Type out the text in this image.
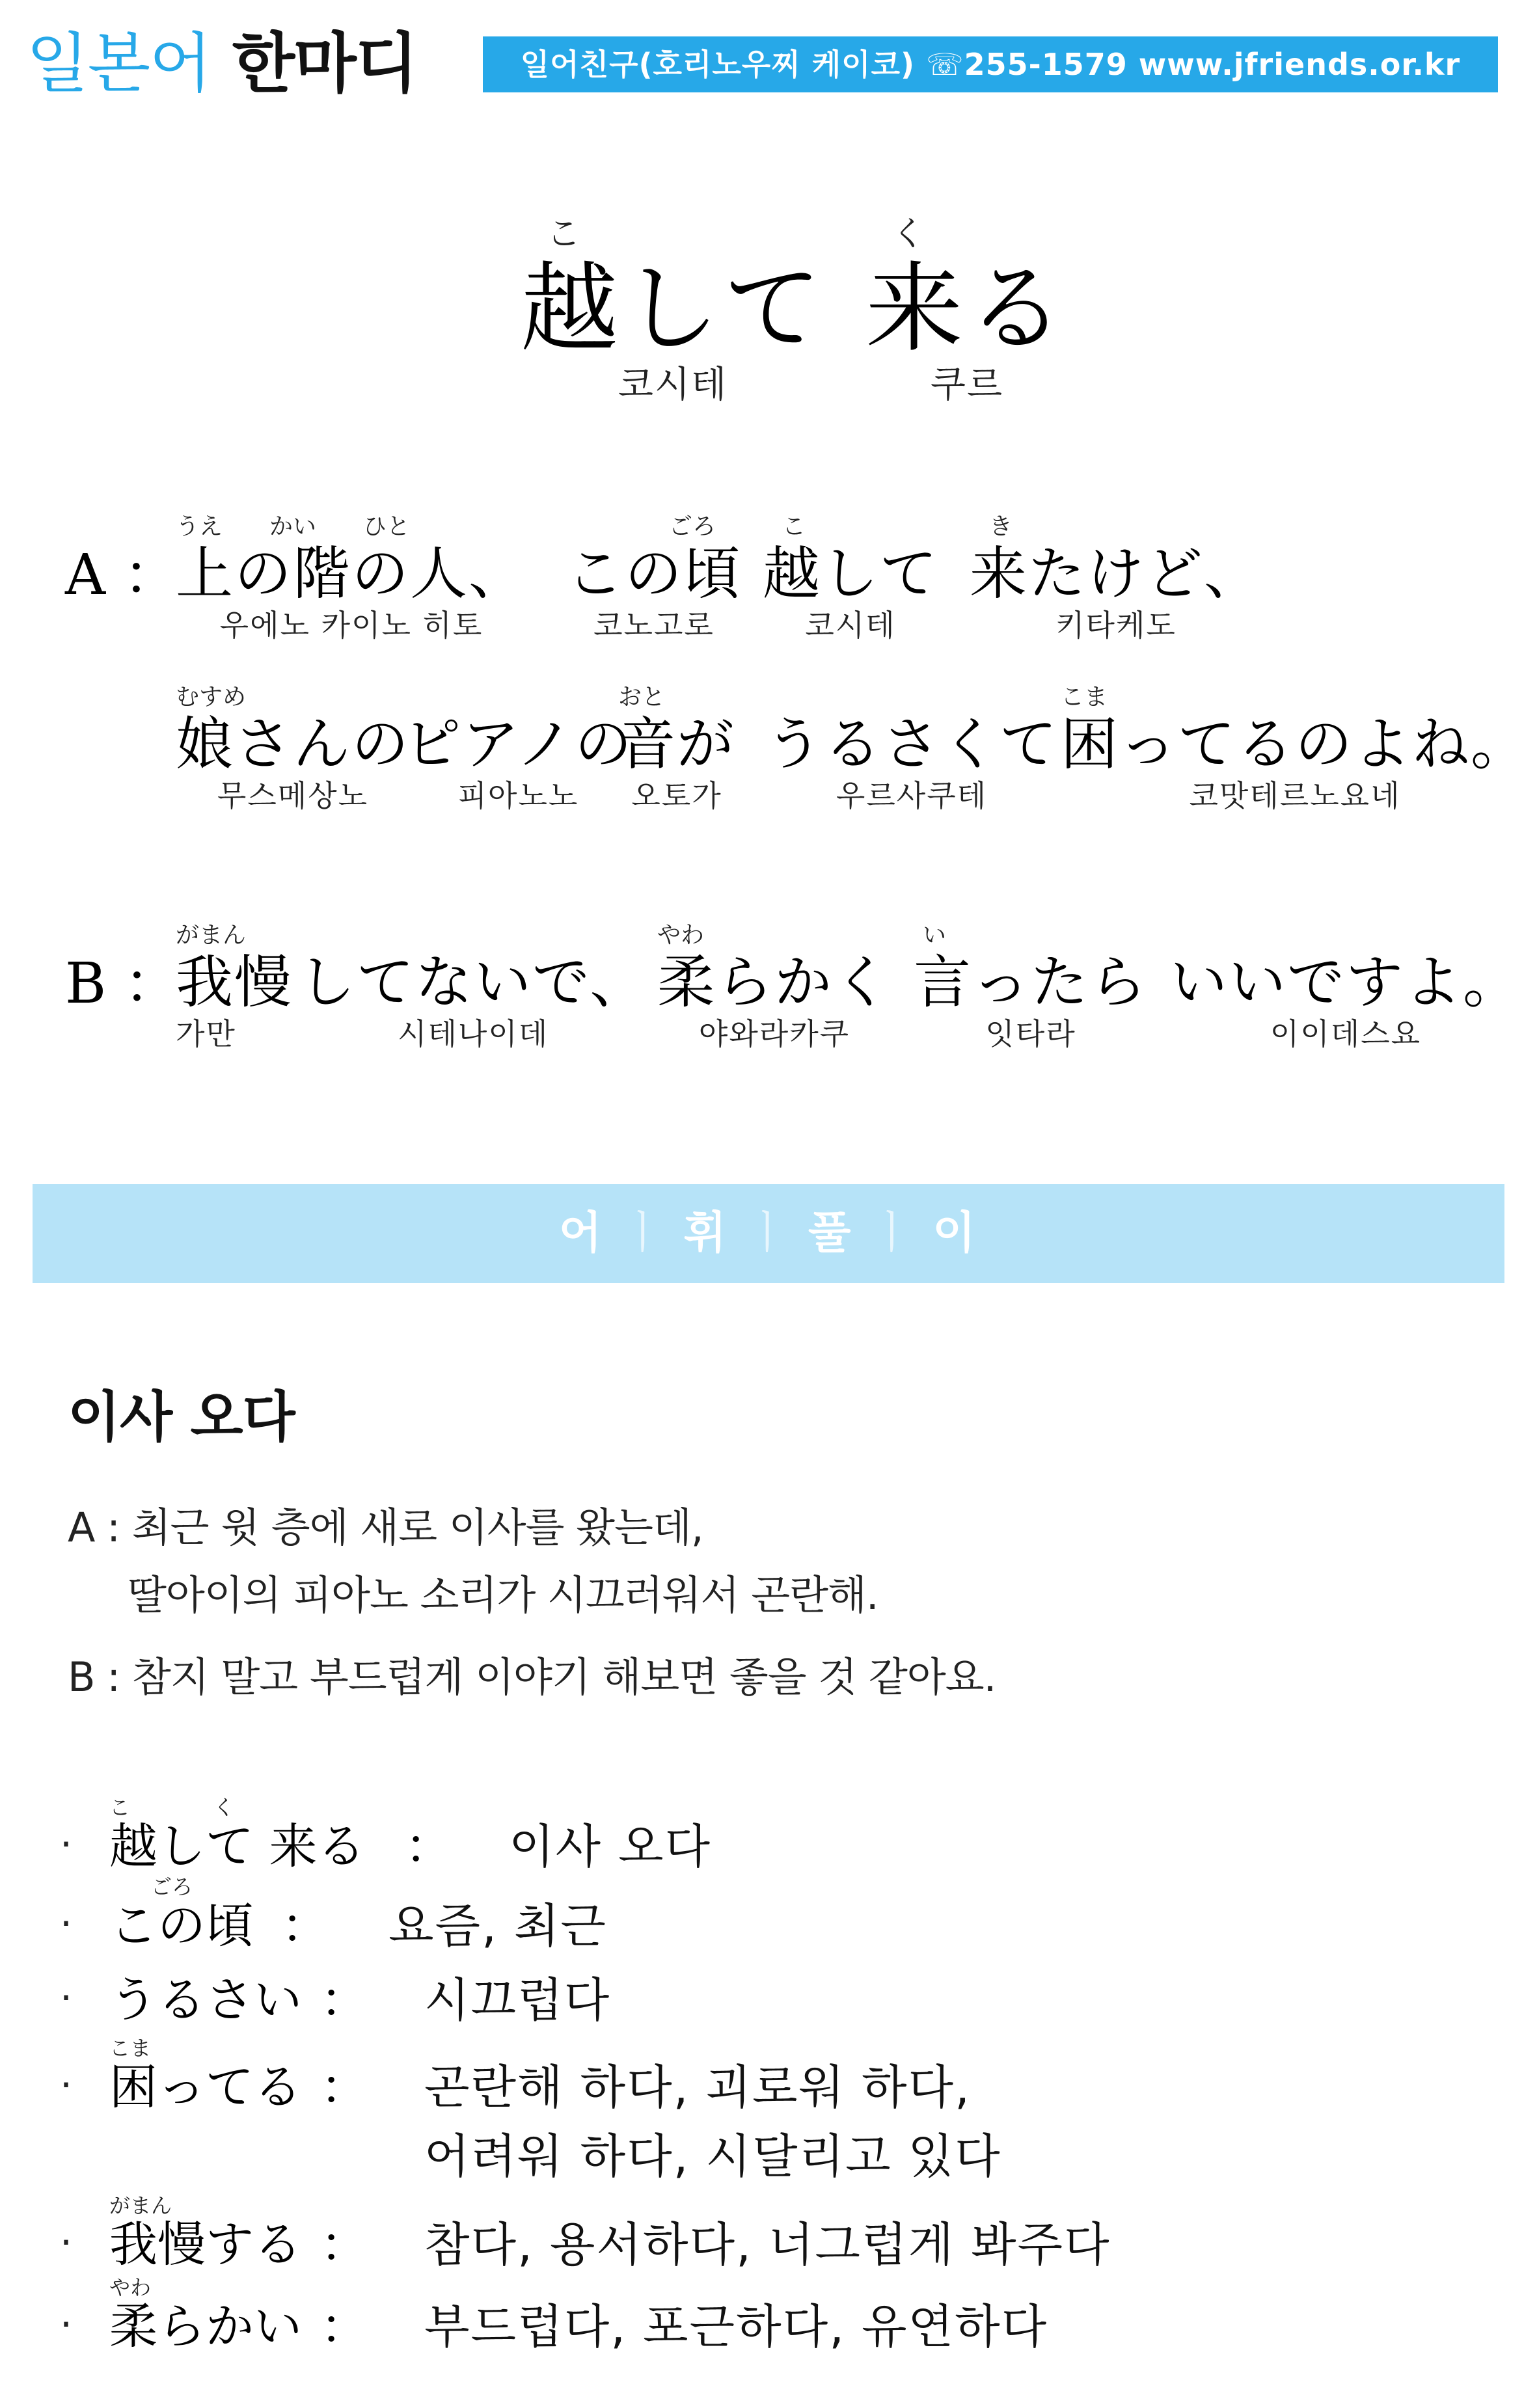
일본어 한마디	일어친구(호리노우찌 케이코) ☏255-1579 www.jfriends.or.kr
こ
越して
코시테
く
来る
쿠르
A ：
うえ　　かい　　ひと
上の階の人、
우에노 카이노 히토
ごろ
この頃
코노고로
こ
越して
코시테
き
来たけど、
키타케도
むすめ
娘さんの
무스메상노
ピアノの
피아노노
おと
音が
오토가
うるさくて
우르사쿠테
こま
困ってるのよね。
코맛테르노요네
B ：
がまん
我慢
가만
してないで、
시테나이데
やわ
柔らかく
야와라카쿠
い
言ったら
잇타라
いいですよ。
이이데스요
어 ㅣ 휘 ㅣ 풀 ㅣ 이
이사 오다
A : 최근 윗 층에 새로 이사를 왔는데,
딸아이의 피아노 소리가 시끄러워서 곤란해.
B : 참지 말고 부드럽게 이야기 해보면 좋을 것 같아요.
·
こ　　　　く
越して 来る ： 이사 오다
·
　　ごろ
この頃 ： 요즘, 최근
· うるさい ： 시끄럽다
·
こま
困ってる ： 곤란해 하다, 괴로워 하다,
어려워 하다, 시달리고 있다
·
がまん
我慢する ： 참다, 용서하다, 너그럽게 봐주다
·
やわ
柔らかい ： 부드럽다, 포근하다, 유연하다
